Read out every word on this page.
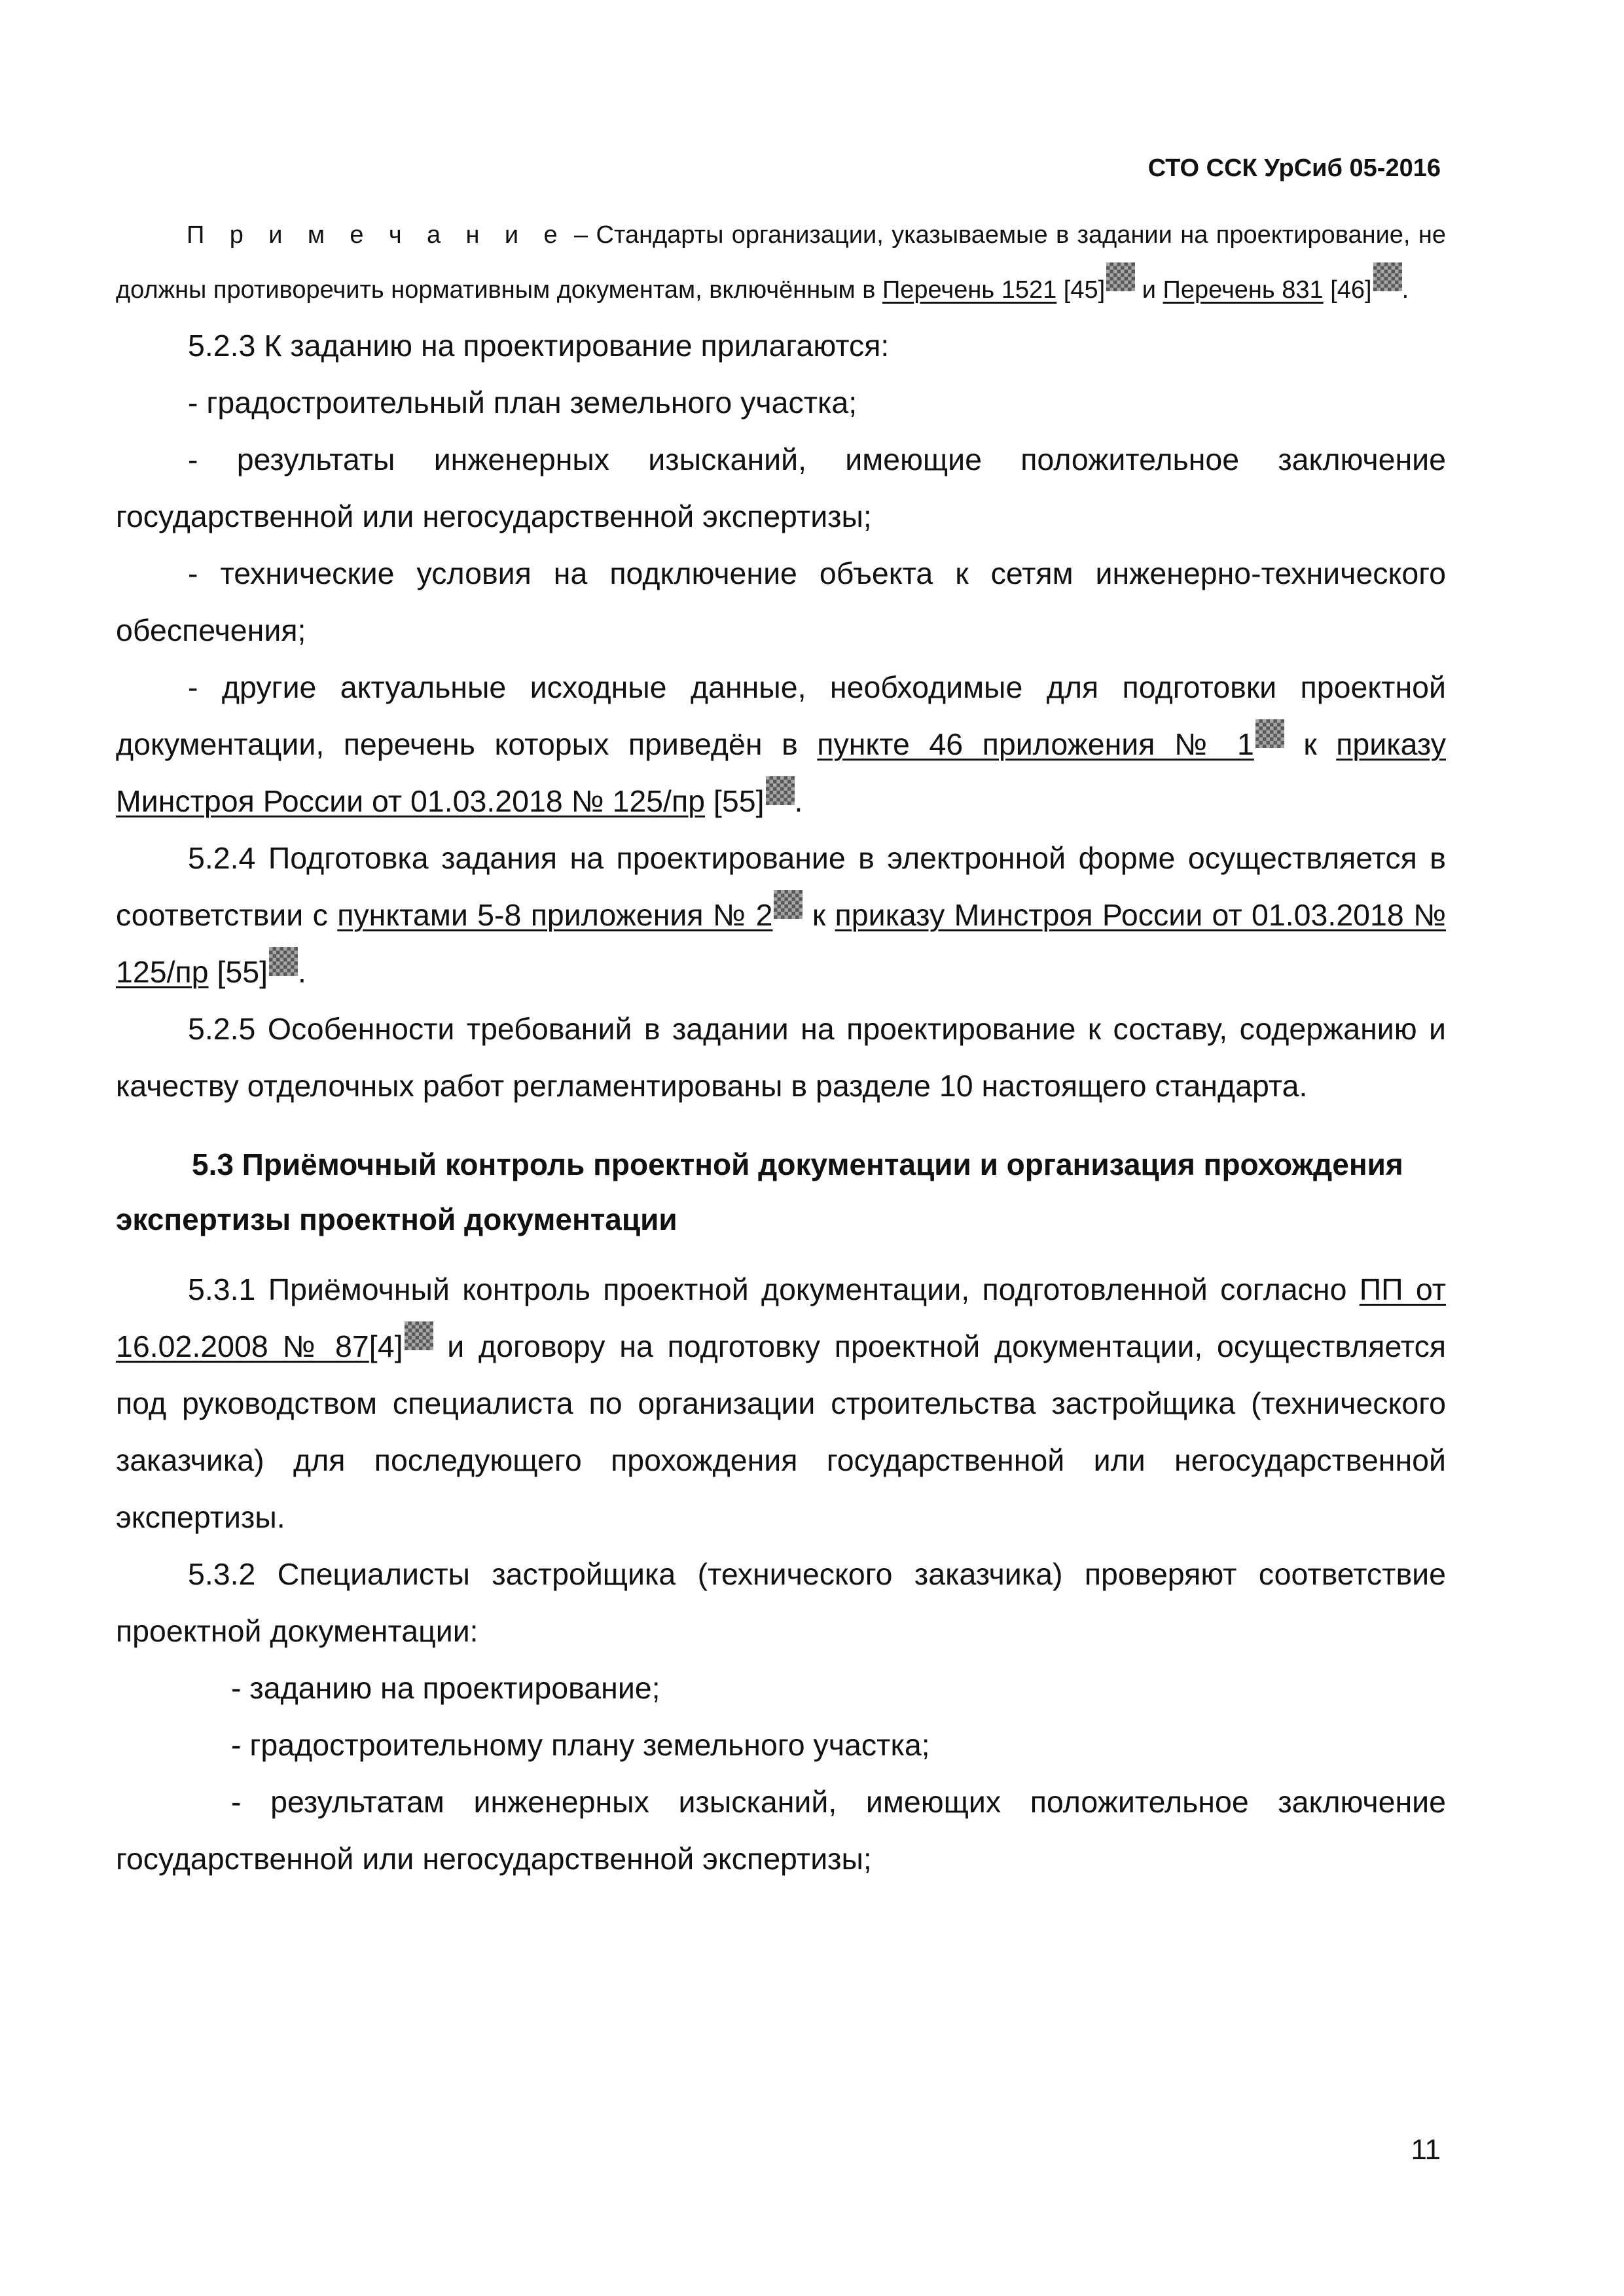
СТО ССК УрСиб 05-2016

П р и м е ч а н и е – Стандарты организации, указываемые в задании на проектирование, не должны противоречить нормативным документам, включённым в Перечень 1521 [45] и Перечень 831 [46] .

5.2.3 К заданию на проектирование прилагаются:

- градостроительный план земельного участка;

- результаты инженерных изысканий, имеющие положительное заключение государственной или негосударственной экспертизы;

- технические условия на подключение объекта к сетям инженерно-технического обеспечения;

- другие актуальные исходные данные, необходимые для подготовки проектной документации, перечень которых приведён в пункте 46 приложения № 1 к приказу Минстроя России от 01.03.2018 № 125/пр [55] .

5.2.4 Подготовка задания на проектирование в электронной форме осуществляется в соответствии с пунктами 5-8 приложения № 2 к приказу Минстроя России от 01.03.2018 № 125/пр [55] .

5.2.5 Особенности требований в задании на проектирование к составу, содержанию и качеству отделочных работ регламентированы в разделе 10 настоящего стандарта.

5.3 Приёмочный контроль проектной документации и организация прохождения экспертизы проектной документации

5.3.1 Приёмочный контроль проектной документации, подготовленной согласно ПП от 16.02.2008 № 87[4] и договору на подготовку проектной документации, осуществляется под руководством специалиста по организации строительства застройщика (технического заказчика) для последующего прохождения государственной или негосударственной экспертизы.

5.3.2 Специалисты застройщика (технического заказчика) проверяют соответствие проектной документации:

- заданию на проектирование;

- градостроительному плану земельного участка;

- результатам инженерных изысканий, имеющих положительное заключение государственной или негосударственной экспертизы;

11
